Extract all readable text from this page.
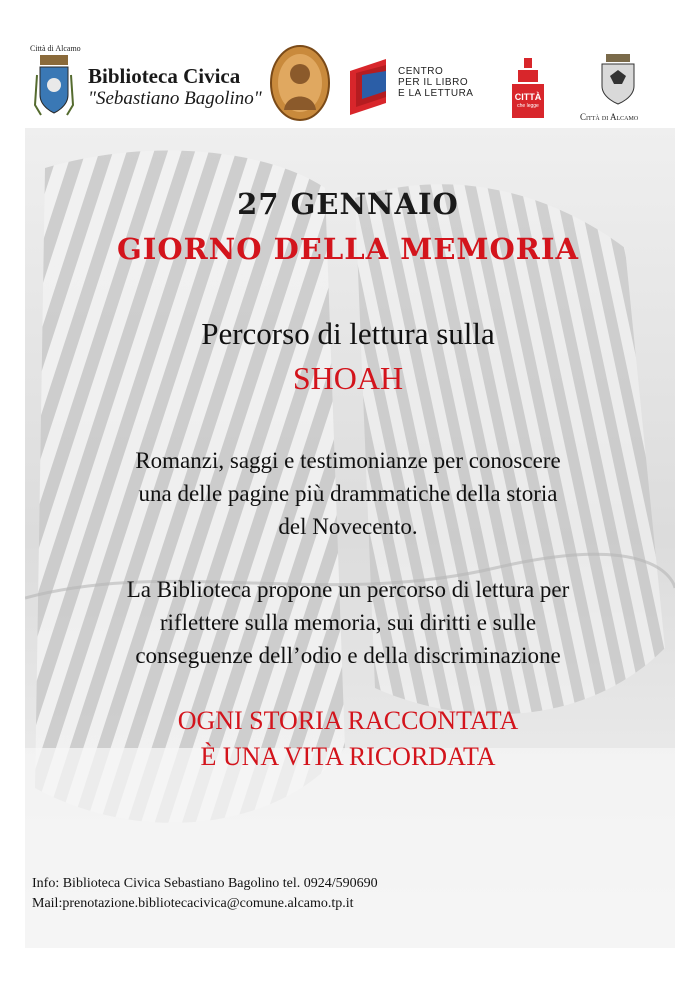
Città di Alcamo
Biblioteca Civica
"Sebastiano Bagolino"
CENTRO
PER IL LIBRO
E LA LETTURA	CITTÀ
che legge
Città di Alcamo
27 GENNAIO
GIORNO DELLA MEMORIA
Percorso di lettura sulla
SHOAH
Romanzi, saggi e testimonianze per conoscere
una delle pagine più drammatiche della storia
del Novecento.
La Biblioteca propone un percorso di lettura per
riflettere sulla memoria, sui diritti e sulle
conseguenze dell’odio e della discriminazione
OGNI STORIA RACCONTATA
È UNA VITA RICORDATA
Info: Biblioteca Civica Sebastiano Bagolino tel. 0924/590690
Mail:prenotazione.bibliotecacivica@comune.alcamo.tp.it
